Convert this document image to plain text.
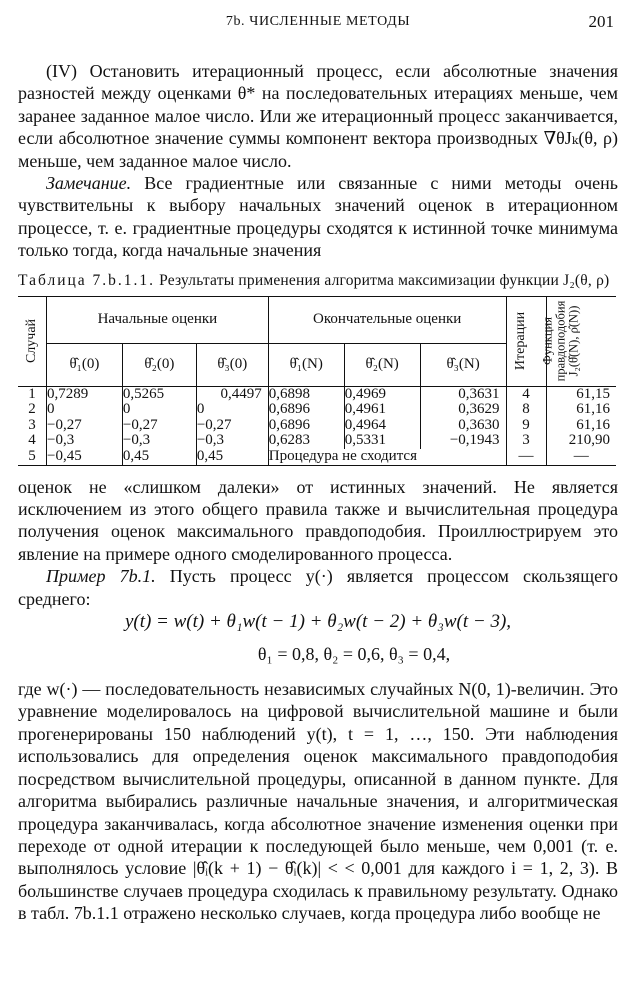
7b. ЧИСЛЕННЫЕ МЕТОДЫ	201

(IV) Остановить итерационный процесс, если абсолютные значения разностей между оценками θ* на последовательных итерациях меньше, чем заранее заданное малое число. Или же итерационный процесс заканчивается, если абсолютное значение суммы компонент вектора производных ∇θJₖ(θ, ρ) меньше, чем заданное малое число.

Замечание. Все градиентные или связанные с ними методы очень чувствительны к выбору начальных значений оценок в итерационном процессе, т. е. градиентные процедуры сходятся к истинной точке минимума только тогда, когда начальные значения

Таблица 7.b.1.1. Результаты применения алгоритма максимизации функции J₂(θ, ρ)
Случай	Начальные оценки			Окончательные оценки			Итерации	Функция правдоподобия J₂(θ̂(N), ρ̂(N))

	θ̂₁(0)	θ̂₂(0)	θ̂₃(0)	θ̂₁(N)	θ̂₂(N)	θ̂₃(N)		
1	0,7289	0,5265	0,4497	0,6898	0,4969	0,3631	4	61,15
2	0	0	0	0,6896	0,4961	0,3629	8	61,16
3	−0,27	−0,27	−0,27	0,6896	0,4964	0,3630	9	61,16
4	−0,3	−0,3	−0,3	0,6283	0,5331	−0,1943	3	210,90
5	−0,45	0,45	0,45	Процедура не сходится			—	—

оценок не «слишком далеки» от истинных значений. Не является исключением из этого общего правила также и вычислительная процедура получения оценок максимального правдоподобия. Проиллюстрируем это явление на примере одного смоделированного процесса.

Пример 7b.1. Пусть процесс y(·) является процессом скользящего среднего:

y(t) = w(t) + θ₁w(t − 1) + θ₂w(t − 2) + θ₃w(t − 3),
θ₁ = 0,8, θ₂ = 0,6, θ₃ = 0,4,

где w(·) — последовательность независимых случайных N(0, 1)-величин. Это уравнение моделировалось на цифровой вычислительной машине и были прогенерированы 150 наблюдений y(t), t = 1, …, 150. Эти наблюдения использовались для определения оценок максимального правдоподобия посредством вычислительной процедуры, описанной в данном пункте. Для алгоритма выбирались различные начальные значения, и алгоритмическая процедура заканчивалась, когда абсолютное значение изменения оценки при переходе от одной итерации к последующей было меньше, чем 0,001 (т. е. выполнялось условие |θ̂ᵢ(k + 1) − θ̂ᵢ(k)| < < 0,001 для каждого i = 1, 2, 3). В большинстве случаев процедура сходилась к правильному результату. Однако в табл. 7b.1.1 отражено несколько случаев, когда процедура либо вообще не
